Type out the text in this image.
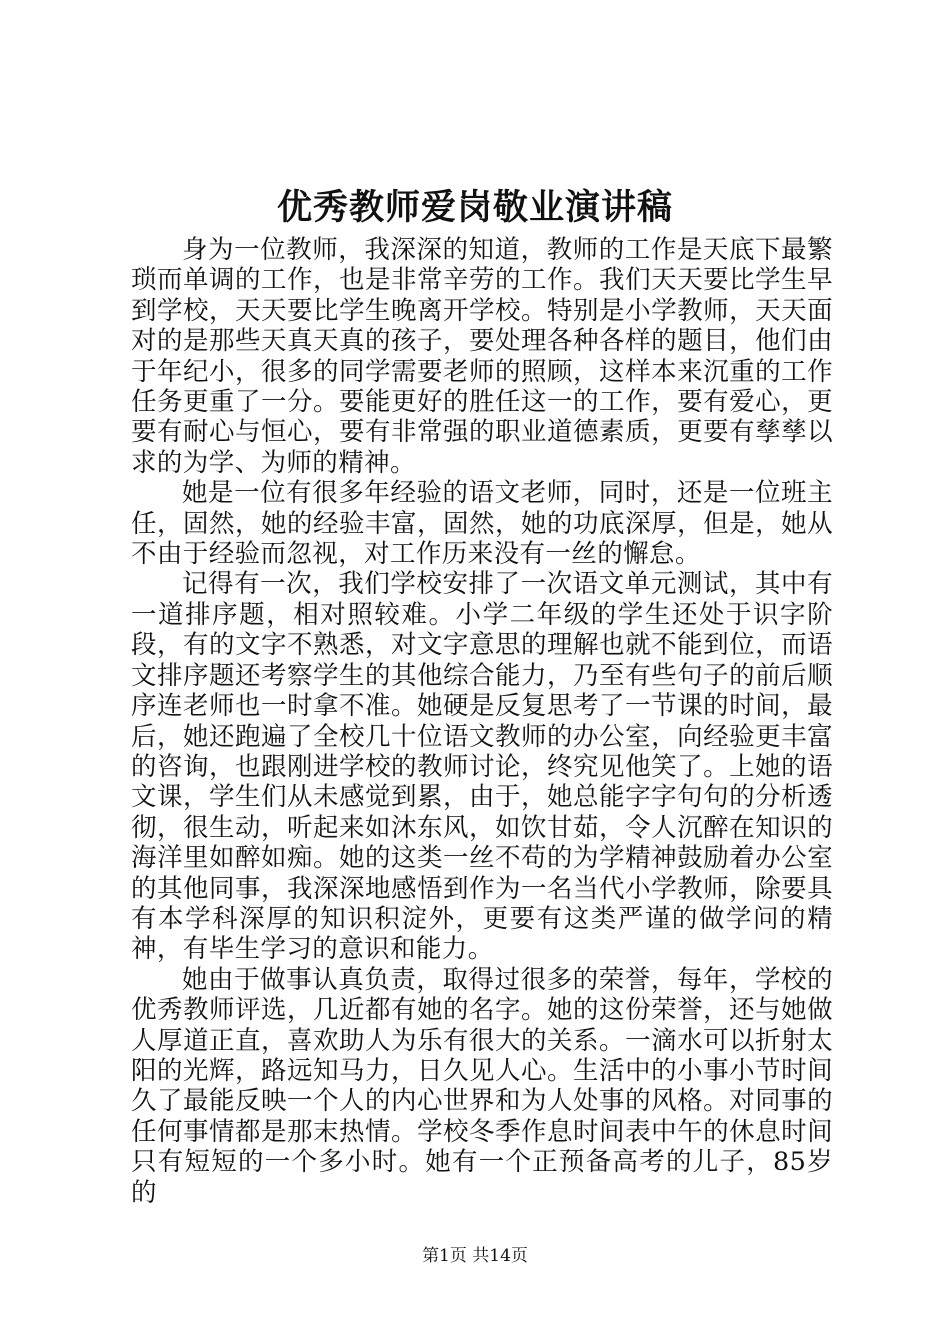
优秀教师爱岗敬业演讲稿

身为一位教师，我深深的知道，教师的工作是天底下最繁琐而单调的工作，也是非常辛劳的工作。我们天天要比学生早到学校，天天要比学生晚离开学校。特别是小学教师，天天面对的是那些天真天真的孩子，要处理各种各样的题目，他们由于年纪小，很多的同学需要老师的照顾，这样本来沉重的工作任务更重了一分。要能更好的胜任这一的工作，要有爱心，更要有耐心与恒心，要有非常强的职业道德素质，更要有孳孳以求的为学、为师的精神。

她是一位有很多年经验的语文老师，同时，还是一位班主任，固然，她的经验丰富，固然，她的功底深厚，但是，她从不由于经验而忽视，对工作历来没有一丝的懈怠。

记得有一次，我们学校安排了一次语文单元测试，其中有一道排序题，相对照较难。小学二年级的学生还处于识字阶段，有的文字不熟悉，对文字意思的理解也就不能到位，而语文排序题还考察学生的其他综合能力，乃至有些句子的前后顺序连老师也一时拿不准。她硬是反复思考了一节课的时间，最后，她还跑遍了全校几十位语文教师的办公室，向经验更丰富的咨询，也跟刚进学校的教师讨论，终究见他笑了。上她的语文课，学生们从未感觉到累，由于，她总能字字句句的分析透彻，很生动，听起来如沐东风，如饮甘茹，令人沉醉在知识的海洋里如醉如痴。她的这类一丝不苟的为学精神鼓励着办公室的其他同事，我深深地感悟到作为一名当代小学教师，除要具有本学科深厚的知识积淀外，更要有这类严谨的做学问的精神，有毕生学习的意识和能力。

她由于做事认真负责，取得过很多的荣誉，每年，学校的优秀教师评选，几近都有她的名字。她的这份荣誉，还与她做人厚道正直，喜欢助人为乐有很大的关系。一滴水可以折射太阳的光辉，路远知马力，日久见人心。生活中的小事小节时间久了最能反映一个人的内心世界和为人处事的风格。对同事的任何事情都是那末热情。学校冬季作息时间表中午的休息时间只有短短的一个多小时。她有一个正预备高考的儿子，85岁的

第1页 共14页
